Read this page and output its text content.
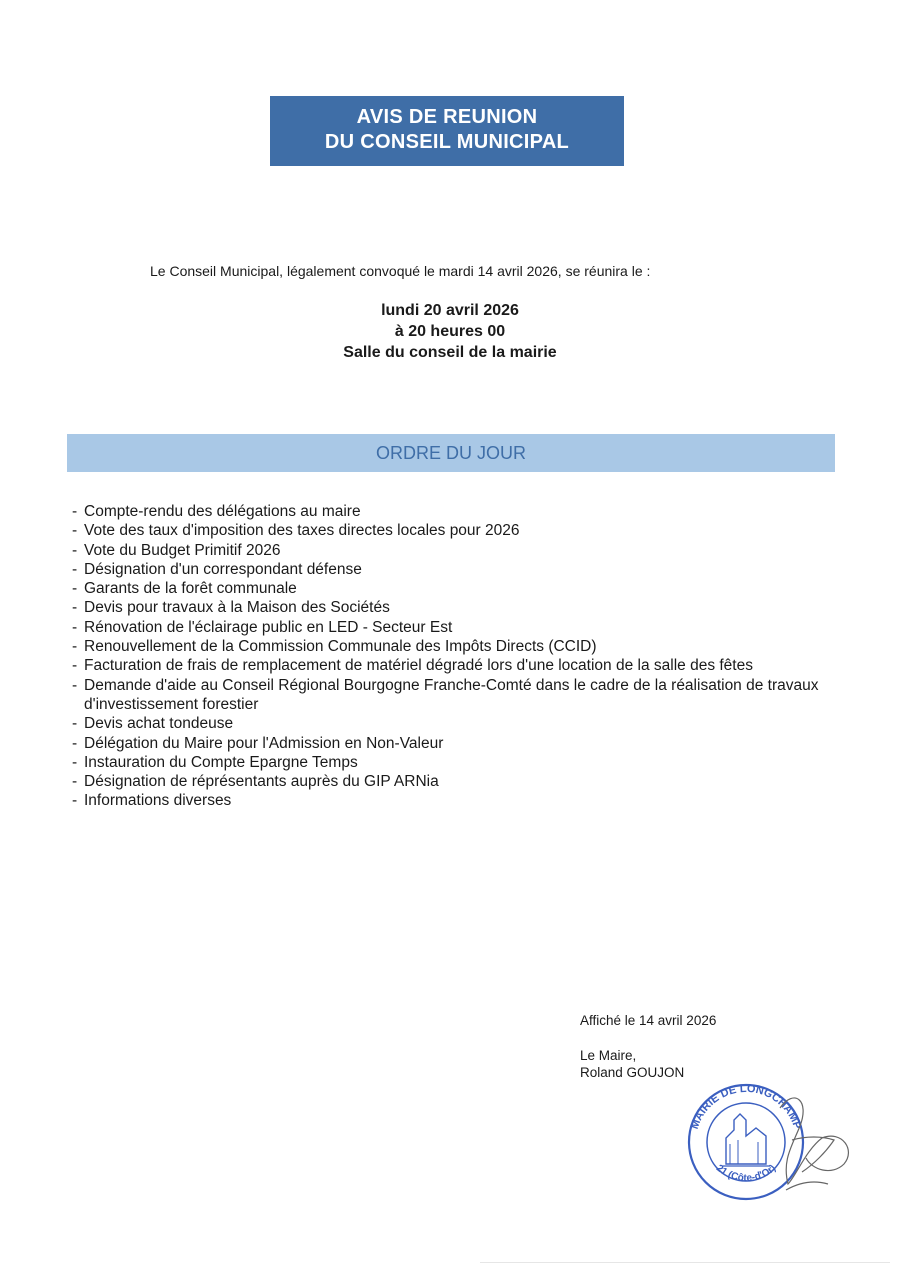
AVIS DE REUNION
DU CONSEIL MUNICIPAL
Le Conseil Municipal, légalement convoqué le mardi 14 avril 2026, se réunira le :
lundi 20 avril 2026
à 20 heures 00
Salle du conseil de la mairie
ORDRE DU JOUR
- Compte-rendu des délégations au maire
- Vote des taux d'imposition des taxes directes locales pour 2026
- Vote du Budget Primitif 2026
- Désignation d'un correspondant défense
- Garants de la forêt communale
- Devis pour travaux à la Maison des Sociétés
- Rénovation de l'éclairage public en LED - Secteur Est
- Renouvellement de la Commission Communale des Impôts Directs (CCID)
- Facturation de frais de remplacement de matériel dégradé lors d'une location de la salle des fêtes
- Demande d'aide au Conseil Régional Bourgogne Franche-Comté dans le cadre de la réalisation de travaux d'investissement forestier
- Devis achat tondeuse
- Délégation du Maire pour l'Admission en Non-Valeur
- Instauration du Compte Epargne Temps
- Désignation de réprésentants auprès du GIP ARNia
- Informations diverses
Affiché le 14 avril 2026
Le Maire,
Roland GOUJON
MAIRIE DE LONGCHAMP
21 (Côte-d'Or)
